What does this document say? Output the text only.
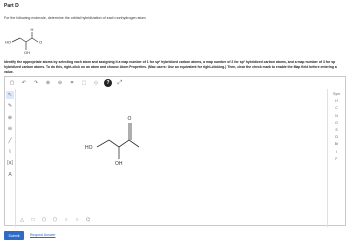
Part D
For the following molecule, determine the orbital hybridization of each nonhydrogen atom.
HO
OH
H
O
Identify the appropriate atoms by selecting each atom and assigning it a map number of 1 for sp³ hybridized carbon atoms, a map number of 2 for sp² hybridized carbon atoms, and a map number of 3 for sp hybridized carbon atoms. To do this, right-click on an atom and choose Atom Properties. (Mac users: Use an equivalent for right-clicking.) Then, clear the check mark to enable the Map field before entering a value.
▢	↶	↷	⊕	⊖	⌗	⬚	◇	?	⤢
↖
✎
⊕
⊖
╱
⌇
[a]
A
Sym
H
C
N
O
S
Cl
Br
I
F
HO
OH
O
△ □ ⬠ ⬡ ○ ○ ⌬
Submit	Request Answer
